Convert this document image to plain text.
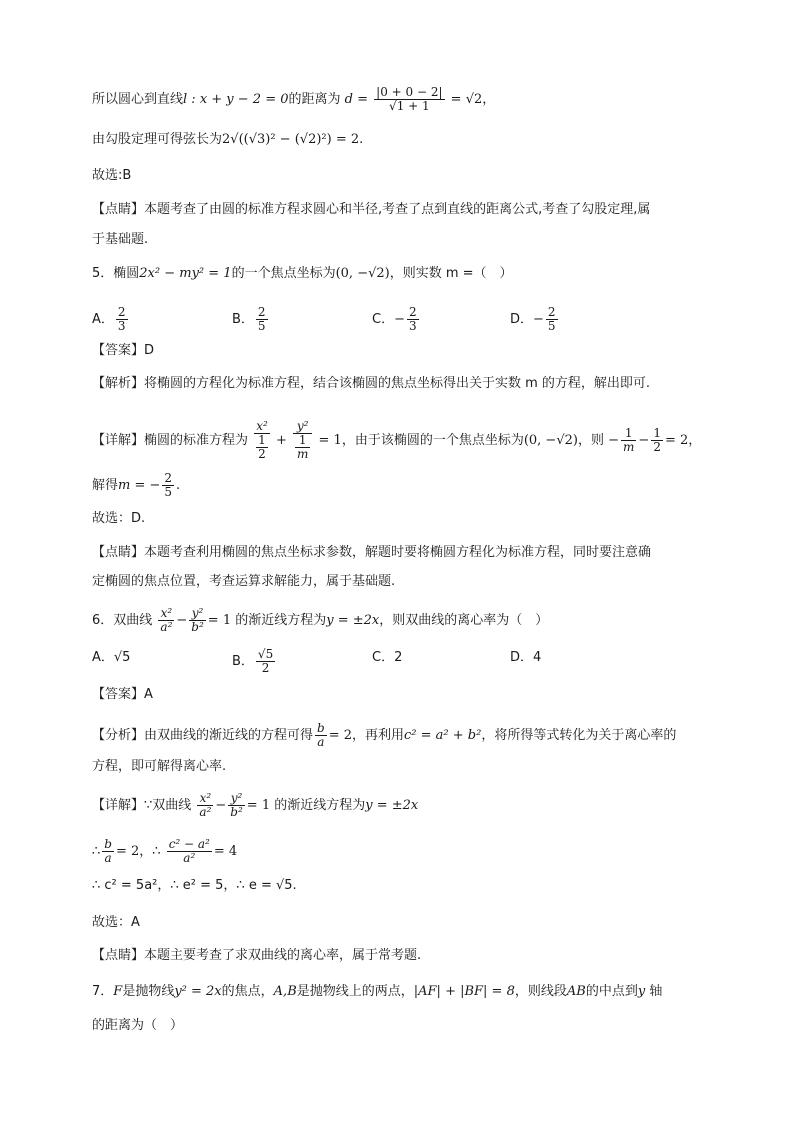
所以圆心到直线l : x + y − 2 = 0的距离为 $d = \frac{|0 + 0 - 2|}{√1 + 1} = √2$，
由勾股定理可得弦长为2√((√3)² − (√2)²) = 2.
故选:B
【点睛】本题考查了由圆的标准方程求圆心和半径,考查了点到直线的距离公式,考查了勾股定理,属
于基础题.
5．椭圆2x² − my² = 1的一个焦点坐标为(0, −√2)，则实数 m =（　）
A． $\frac{2}{3}$	B． $\frac{2}{5}$	C．− $\frac{2}{3}$	D．− $\frac{2}{5}$
【答案】D
【解析】将椭圆的方程化为标准方程，结合该椭圆的焦点坐标得出关于实数 m 的方程，解出即可.
【详解】椭圆的标准方程为 x²
1
2 + y²
1
m = 1，由于该椭圆的一个焦点坐标为(0, −√2)，则 − $\frac{1}{m} - \frac{1}{2} = 2$，
解得m = − $\frac{2}{5}$ .
故选：D.
【点睛】本题考查利用椭圆的焦点坐标求参数，解题时要将椭圆方程化为标准方程，同时要注意确
定椭圆的焦点位置，考查运算求解能力，属于基础题.
6．双曲线 $\frac{\text{x²}}{\text{a²}} - \frac{\text{y²}}{\text{b²}} = 1$ 的渐近线方程为y = ±2x，则双曲线的离心率为（　）
A．√5	B． $\frac{√5}{2}$	C．2	D．4
【答案】A
【分析】由双曲线的渐近线的方程可得 $\frac{b}{a} = 2$，再利用c² = a² + b²，将所得等式转化为关于离心率的
方程，即可解得离心率.
【详解】∵双曲线 $\frac{\text{x²}}{\text{a²}} - \frac{\text{y²}}{\text{b²}} = 1$ 的渐近线方程为y = ±2x
∴ $\frac{b}{a} = 2$，∴ $\frac{\text{c² − a²}}{\text{a²}} = 4$
∴ c² = 5a²，∴ e² = 5，∴ e = √5.
故选：A
【点睛】本题主要考查了求双曲线的离心率，属于常考题.
7．F是抛物线y² = 2x的焦点，A,B是抛物线上的两点，|AF| + |BF| = 8，则线段AB的中点到y 轴
的距离为（　）
